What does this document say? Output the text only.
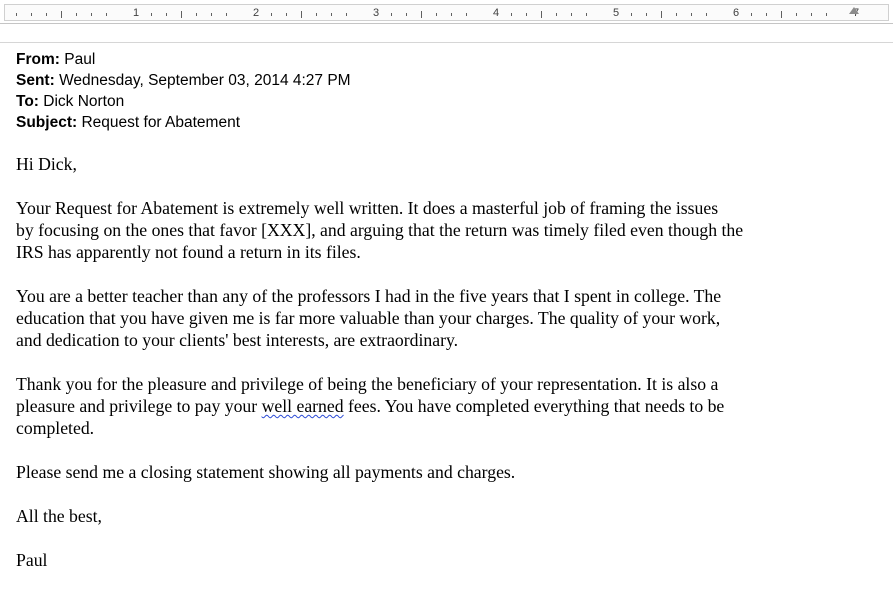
1	2	3	4	5	6	7
From: Paul
Sent: Wednesday, September 03, 2014 4:27 PM
To: Dick Norton
Subject: Request for Abatement

Hi Dick,

Your Request for Abatement is extremely well written. It does a masterful job of framing the issues
by focusing on the ones that favor [XXX], and arguing that the return was timely filed even though the
IRS has apparently not found a return in its files.

You are a better teacher than any of the professors I had in the five years that I spent in college. The
education that you have given me is far more valuable than your charges. The quality of your work,
and dedication to your clients' best interests, are extraordinary.

Thank you for the pleasure and privilege of being the beneficiary of your representation. It is also a
pleasure and privilege to pay your well earned fees. You have completed everything that needs to be
completed.

Please send me a closing statement showing all payments and charges.

All the best,

Paul
